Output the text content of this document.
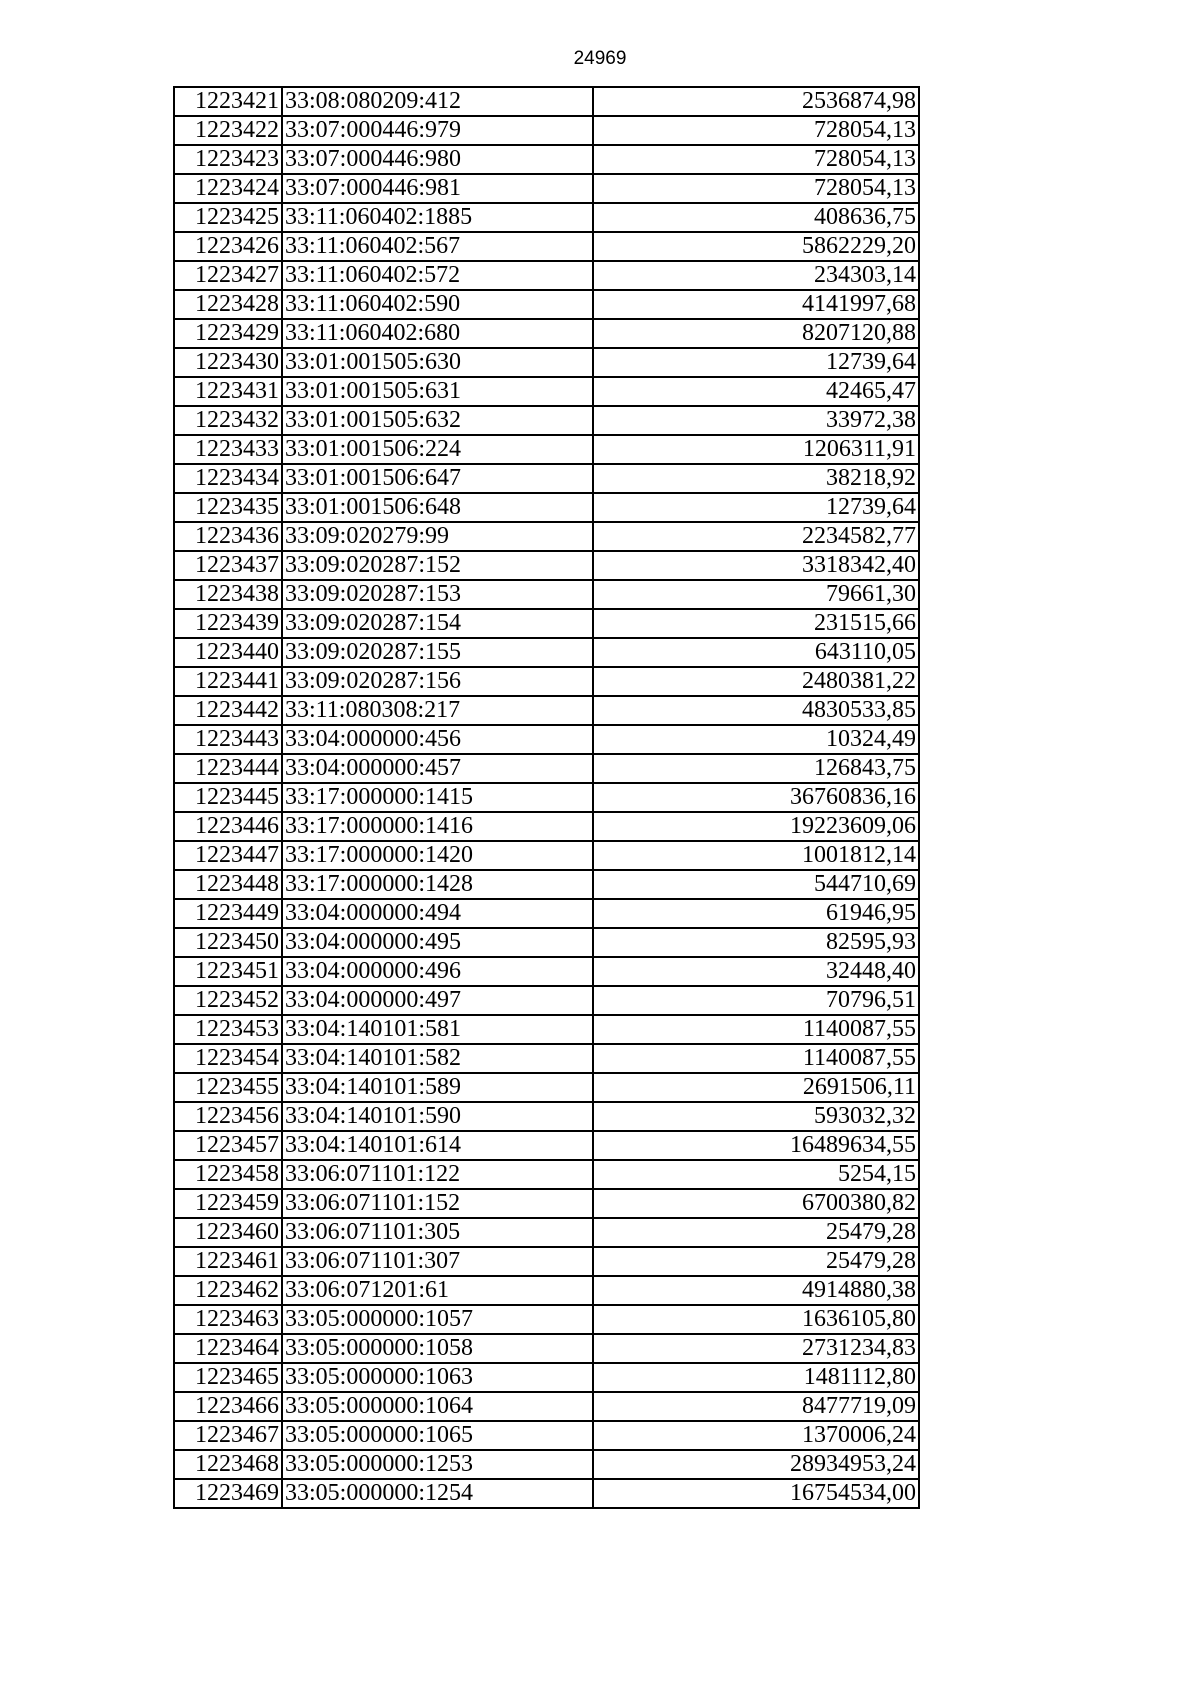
24969
1223421	33:08:080209:412	2536874,98
1223422	33:07:000446:979	728054,13
1223423	33:07:000446:980	728054,13
1223424	33:07:000446:981	728054,13
1223425	33:11:060402:1885	408636,75
1223426	33:11:060402:567	5862229,20
1223427	33:11:060402:572	234303,14
1223428	33:11:060402:590	4141997,68
1223429	33:11:060402:680	8207120,88
1223430	33:01:001505:630	12739,64
1223431	33:01:001505:631	42465,47
1223432	33:01:001505:632	33972,38
1223433	33:01:001506:224	1206311,91
1223434	33:01:001506:647	38218,92
1223435	33:01:001506:648	12739,64
1223436	33:09:020279:99	2234582,77
1223437	33:09:020287:152	3318342,40
1223438	33:09:020287:153	79661,30
1223439	33:09:020287:154	231515,66
1223440	33:09:020287:155	643110,05
1223441	33:09:020287:156	2480381,22
1223442	33:11:080308:217	4830533,85
1223443	33:04:000000:456	10324,49
1223444	33:04:000000:457	126843,75
1223445	33:17:000000:1415	36760836,16
1223446	33:17:000000:1416	19223609,06
1223447	33:17:000000:1420	1001812,14
1223448	33:17:000000:1428	544710,69
1223449	33:04:000000:494	61946,95
1223450	33:04:000000:495	82595,93
1223451	33:04:000000:496	32448,40
1223452	33:04:000000:497	70796,51
1223453	33:04:140101:581	1140087,55
1223454	33:04:140101:582	1140087,55
1223455	33:04:140101:589	2691506,11
1223456	33:04:140101:590	593032,32
1223457	33:04:140101:614	16489634,55
1223458	33:06:071101:122	5254,15
1223459	33:06:071101:152	6700380,82
1223460	33:06:071101:305	25479,28
1223461	33:06:071101:307	25479,28
1223462	33:06:071201:61	4914880,38
1223463	33:05:000000:1057	1636105,80
1223464	33:05:000000:1058	2731234,83
1223465	33:05:000000:1063	1481112,80
1223466	33:05:000000:1064	8477719,09
1223467	33:05:000000:1065	1370006,24
1223468	33:05:000000:1253	28934953,24
1223469	33:05:000000:1254	16754534,00
